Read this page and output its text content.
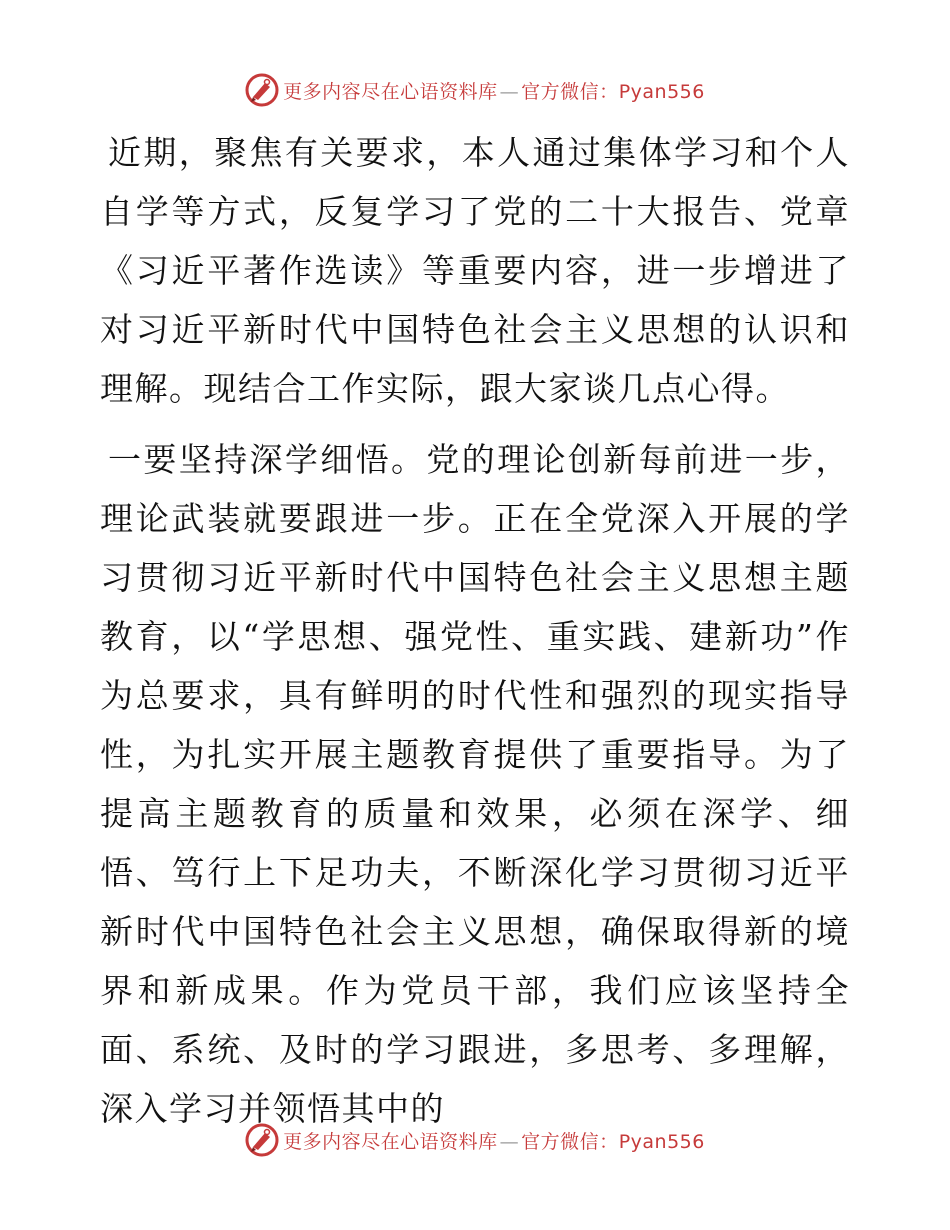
更多内容尽在心语资料库 — 官方微信：Pyan556

近期，聚焦有关要求，本人通过集体学习和个人自学等方式，反复学习了党的二十大报告、党章《习近平著作选读》等重要内容，进一步增进了对习近平新时代中国特色社会主义思想的认识和理解。现结合工作实际，跟大家谈几点心得。

一要坚持深学细悟。党的理论创新每前进一步，理论武装就要跟进一步。正在全党深入开展的学习贯彻习近平新时代中国特色社会主义思想主题教育，以“学思想、强党性、重实践、建新功”作为总要求，具有鲜明的时代性和强烈的现实指导性，为扎实开展主题教育提供了重要指导。为了提高主题教育的质量和效果，必须在深学、细悟、笃行上下足功夫，不断深化学习贯彻习近平新时代中国特色社会主义思想，确保取得新的境界和新成果。作为党员干部，我们应该坚持全面、系统、及时的学习跟进，多思考、多理解，深入学习并领悟其中的

更多内容尽在心语资料库 — 官方微信：Pyan556
